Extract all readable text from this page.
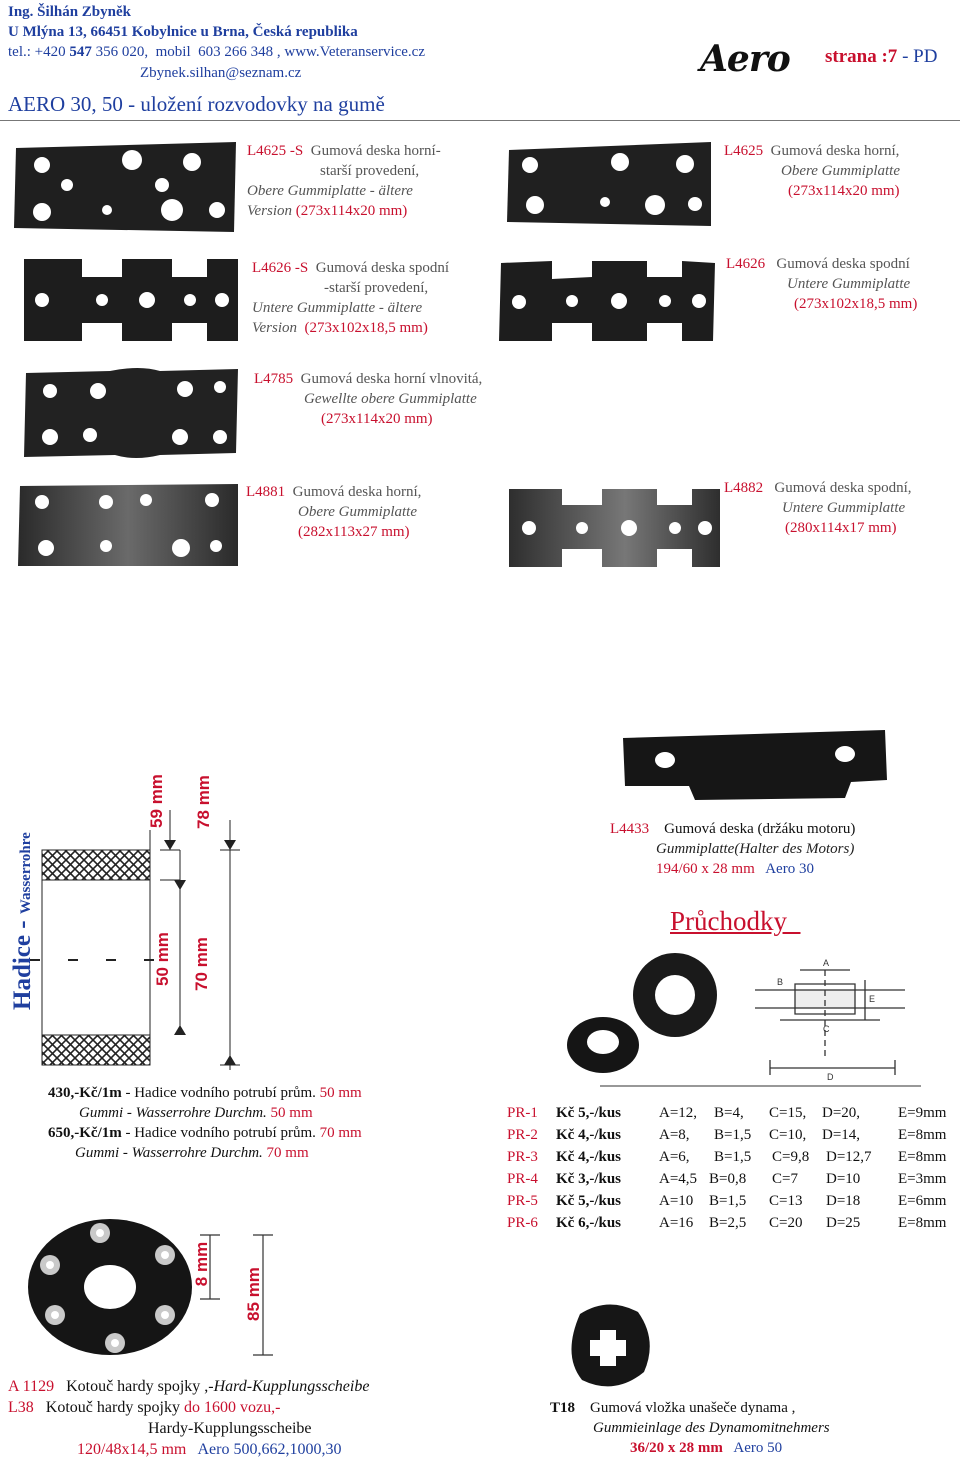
Ing. Šilhán Zbyněk
U Mlýna 13, 66451 Kobylnice u Brna, Česká republika
tel.: +420 547 356 020,  mobil  603 266 348 , www.Veteranservice.cz
Zbynek.silhan@seznam.cz	Aero strana :7 - PD
AERO 30, 50 - uložení rozvodovky na gumě
L4625 -S Gumová deska horní-
starší provedení,
Obere Gummiplatte - ältere
Version (273x114x20 mm)
L4625 Gumová deska horní,
Obere Gummiplatte
(273x114x20 mm)
L4626 -S Gumová deska spodní
-starší provedení,
Untere Gummiplatte - ältere
Version (273x102x18,5 mm)
L4626 Gumová deska spodní
Untere Gummiplatte
(273x102x18,5 mm)
L4785 Gumová deska horní vlnovitá,
Gewellte obere Gummiplatte
(273x114x20 mm)
L4881 Gumová deska horní,
Obere Gummiplatte
(282x113x27 mm)
L4882 Gumová deska spodní,
Untere Gummiplatte
(280x114x17 mm)
Hadice - Wasserrohre
59 mm 78 mm
50 mm 70 mm
430,-Kč/1m - Hadice vodního potrubí prům. 50 mm
Gummi - Wasserrohre Durchm. 50 mm
650,-Kč/1m - Hadice vodního potrubí prům. 70 mm
Gummi - Wasserrohre Durchm. 70 mm
L4433 Gumová deska (držáku motoru)
Gummiplatte(Halter des Motors)
194/60 x 28 mm Aero 30
Průchodky
A
B
C
D
E
PR-1 Kč 5,-/kus	A=12, B=4, C=15, D=20,	E=9mm
PR-2 Kč 4,-/kus	A=8, B=1,5 C=10, D=14,	E=8mm
PR-3 Kč 4,-/kus	A=6, B=1,5 C=9,8 D=12,7 E=8mm
PR-4 Kč 3,-/kus	A=4,5 B=0,8 C=7 D=10	E=3mm
PR-5 Kč 5,-/kus	A=10 B=1,5 C=13 D=18	E=6mm
PR-6 Kč 6,-/kus	A=16 B=2,5 C=20 D=25	E=8mm
8 mm
85 mm
A 1129 Kotouč hardy spojky ,-Hard-Kupplungsscheibe
L38 Kotouč hardy spojky do 1600 vozu,-
Hardy-Kupplungsscheibe
120/48x14,5 mm Aero 500,662,1000,30
T18 Gumová vložka unašeče dynama ,
Gummieinlage des Dynamomitnehmers
36/20 x 28 mm Aero 50
